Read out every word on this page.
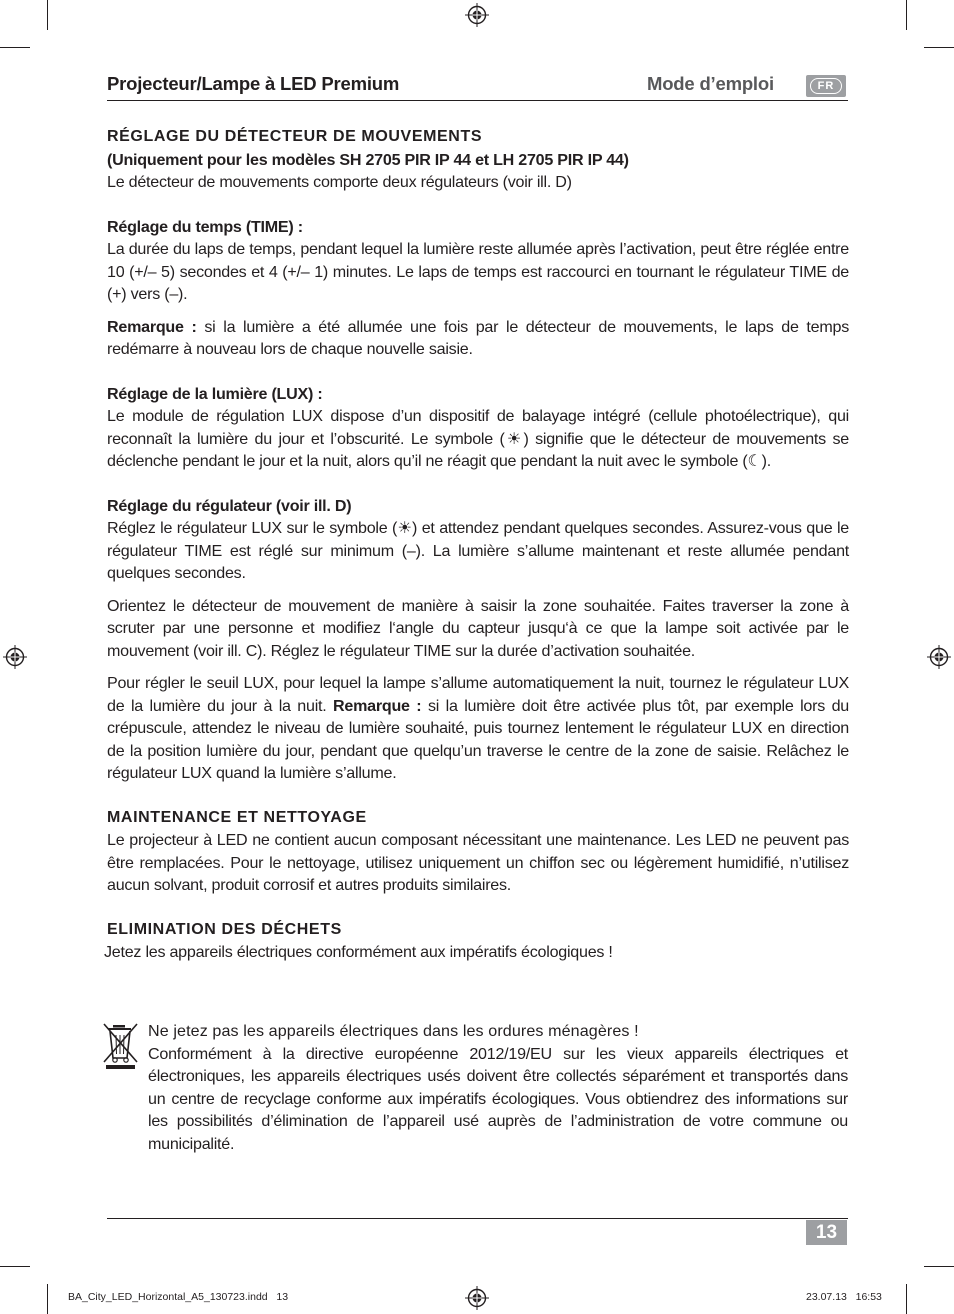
Projecteur/Lampe à LED Premium	Mode d’emploi	FR

RÉGLAGE DU DÉTECTEUR DE MOUVEMENTS

(Uniquement pour les modèles SH 2705 PIR IP 44 et LH 2705 PIR IP 44)

Le détecteur de mouvements comporte deux régulateurs (voir ill. D)

Réglage du temps (TIME) :

La durée du laps de temps, pendant lequel la lumière reste allumée après l’activation, peut être réglée entre 10 (+/– 5) secondes et 4 (+/– 1) minutes. Le laps de temps est raccourci en tournant le régulateur TIME de (+) vers (–).

Remarque : si la lumière a été allumée une fois par le détecteur de mouvements, le laps de temps redémarre à nouveau lors de chaque nouvelle saisie.

Réglage de la lumière (LUX) :

Le module de régulation LUX dispose d’un dispositif de balayage intégré (cellule photoélectrique), qui reconnaît la lumière du jour et l’obscurité. Le symbole (☀) signifie que le détecteur de mouvements se déclenche pendant le jour et la nuit, alors qu’il ne réagit que pendant la nuit avec le symbole (☾).

Réglage du régulateur (voir ill. D)

Réglez le régulateur LUX sur le symbole (☀) et attendez pendant quelques secondes. Assurez-vous que le régulateur TIME est réglé sur minimum (–). La lumière s’allume maintenant et reste allumée pendant quelques secondes.

Orientez le détecteur de mouvement de manière à saisir la zone souhaitée. Faites traverser la zone à scruter par une personne et modifiez l‘angle du capteur jusqu‘à ce que la lampe soit activée par le mouvement (voir ill. C). Réglez le régulateur TIME sur la durée d’activation souhaitée.

Pour régler le seuil LUX, pour lequel la lampe s’allume automatiquement la nuit, tournez le régulateur LUX de la lumière du jour à la nuit. Remarque : si la lumière doit être activée plus tôt, par exemple lors du crépuscule, attendez le niveau de lumière souhaité, puis tournez lentement le régulateur LUX en direction de la position lumière du jour, pendant que quelqu’un traverse le centre de la zone de saisie. Relâchez le régulateur LUX quand la lumière s’allume.

MAINTENANCE ET NETTOYAGE

Le projecteur à LED ne contient aucun composant nécessitant une maintenance. Les LED ne peuvent pas être remplacées. Pour le nettoyage, utilisez uniquement un chiffon sec ou légèrement humidifié, n’utilisez aucun solvant, produit corrosif et autres produits similaires.

ELIMINATION DES DÉCHETS

Jetez les appareils électriques conformément aux impératifs écologiques !

Ne jetez pas les appareils électriques dans les ordures ménagères !

Conformément à la directive européenne 2012/19/EU sur les vieux appareils électriques et électroniques, les appareils électriques usés doivent être collectés séparément et transportés dans un centre de recyclage conforme aux impératifs écologiques. Vous obtiendrez des informations sur les possibilités d’élimination de l’appareil usé auprès de l’administration de votre commune ou municipalité.

13
BA_City_LED_Horizontal_A5_130723.indd   13	23.07.13   16:53
